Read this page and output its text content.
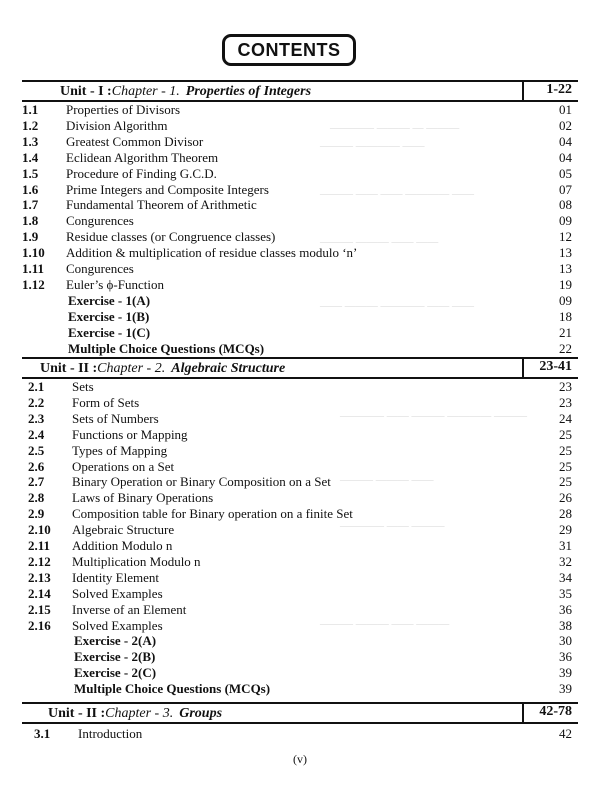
CONTENTS
———— ——— — ———
——— ———— ——
——— —— —— ———— ——
——— ——— —— ——
—— ——— ———— —— ——
———— —— ——— ———— ———
——— ——— ——
———— —— ———
——— ——— —— ———
Unit - I :Chapter - 1. Properties of Integers	1-22
1.1 Properties of Divisors	01
1.2 Division Algorithm	02
1.3 Greatest Common Divisor	04
1.4 Eclidean Algorithm Theorem	04
1.5 Procedure of Finding G.C.D.	05
1.6 Prime Integers and Composite Integers	07
1.7 Fundamental Theorem of Arithmetic	08
1.8 Congurences	09
1.9 Residue classes (or Congruence classes)	12
1.10 Addition & multiplication of residue classes modulo ‘n’	13
1.11 Congurences	13
1.12 Euler’s ϕ-Function	19
Exercise - 1(A)	09
Exercise - 1(B)	18
Exercise - 1(C)	21
Multiple Choice Questions (MCQs)	22
Unit - II :Chapter - 2. Algebraic Structure	23-41
2.1 Sets	23
2.2 Form of Sets	23
2.3 Sets of Numbers	24
2.4 Functions or Mapping	25
2.5 Types of Mapping	25
2.6 Operations on a Set	25
2.7 Binary Operation or Binary Composition on a Set	25
2.8 Laws of Binary Operations	26
2.9 Composition table for Binary operation on a finite Set	28
2.10 Algebraic Structure	29
2.11 Addition Modulo n	31
2.12 Multiplication Modulo n	32
2.13 Identity Element	34
2.14 Solved Examples	35
2.15 Inverse of an Element	36
2.16 Solved Examples	38
Exercise - 2(A)	30
Exercise - 2(B)	36
Exercise - 2(C)	39
Multiple Choice Questions (MCQs)	39
Unit - II :Chapter - 3. Groups	42-78
3.1 Introduction	42
(v)
